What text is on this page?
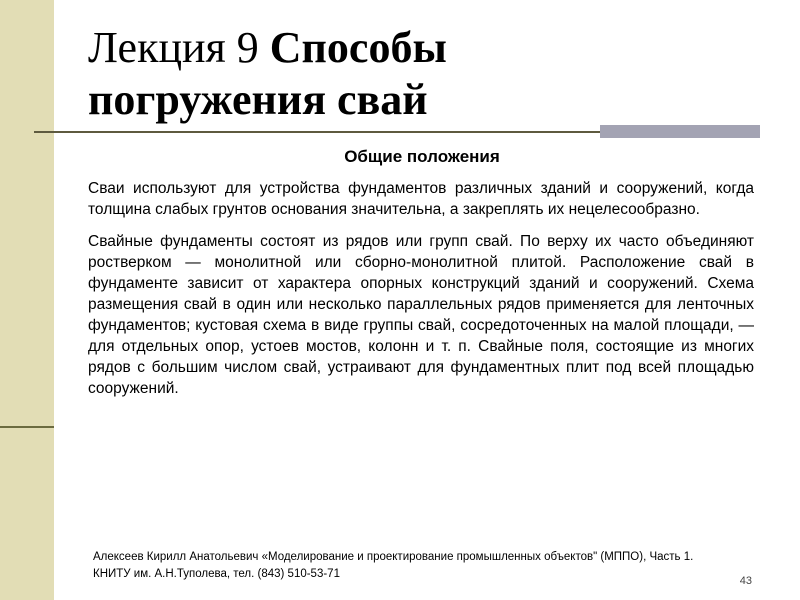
Лекция 9 Способы
погружения свай
Общие положения

Сваи используют для устройства фундаментов различных зданий и сооружений, когда толщина слабых грунтов основания значительна, а закреплять их нецелесообразно.

Свайные фундаменты состоят из рядов или групп свай. По верху их часто объединяют ростверком — монолитной или сборно-монолитной плитой. Расположение свай в фундаменте зависит от характера опорных конструкций зданий и сооружений. Схема размещения свай в один или несколько параллельных рядов применяется для ленточных фундаментов; кустовая схема в виде группы свай, сосредоточенных на малой площади, — для отдельных опор, устоев мостов, колонн и т. п. Свайные поля, состоящие из многих рядов с большим числом свай, устраивают для фундаментных плит под всей площадью сооружений.

Алексеев Кирилл Анатольевич «Моделирование и проектирование промышленных объектов" (МППО), Часть 1.
КНИТУ им. А.Н.Туполева, тел. (843) 510-53-71
43
